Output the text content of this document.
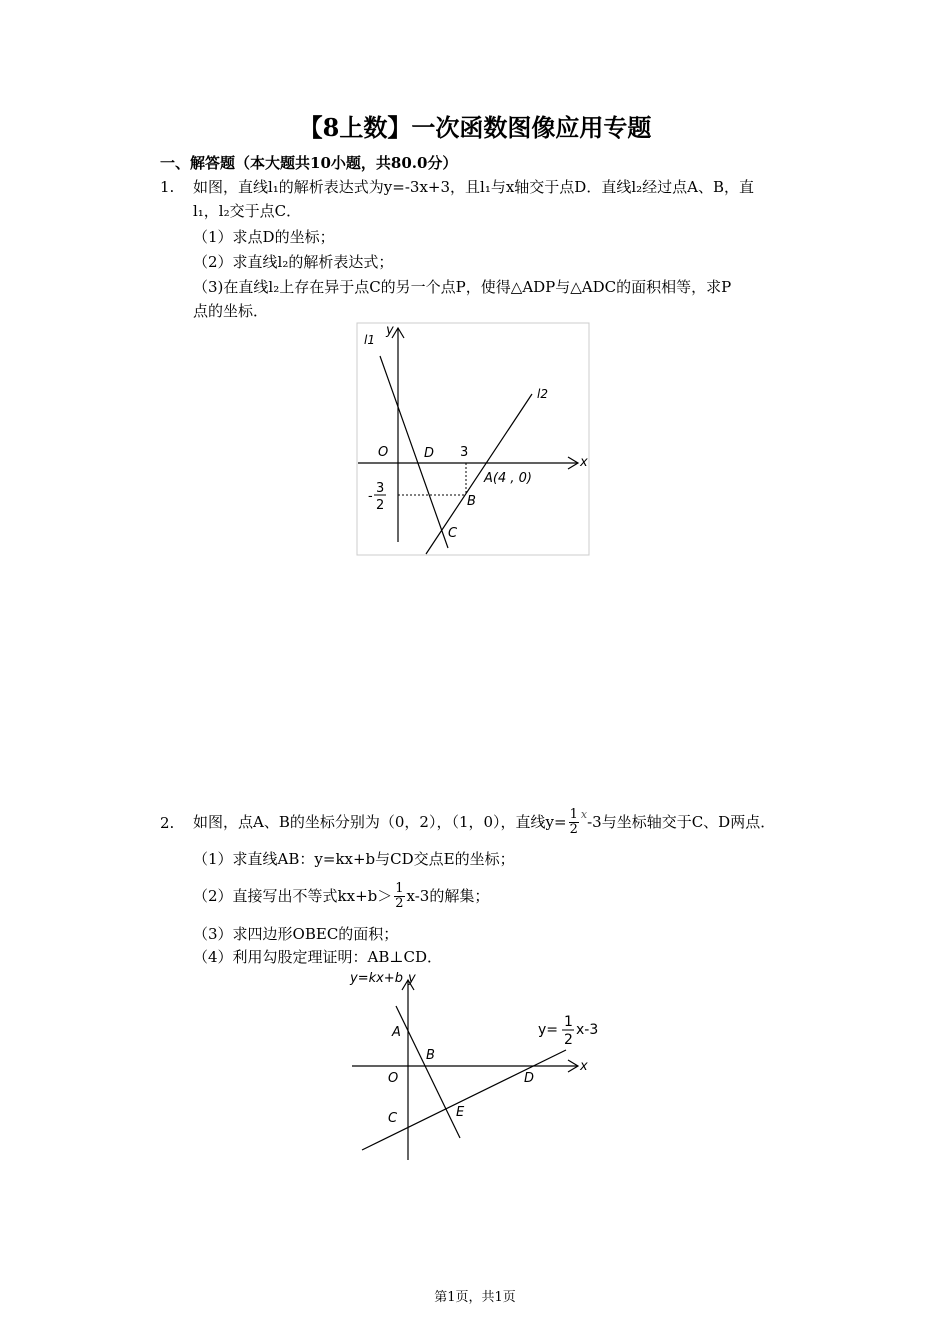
【8上数】一次函数图像应用专题
一、解答题（本大题共10小题，共80.0分）
1. 如图，直线l₁的解析表达式为y=-3x+3，且l₁与x轴交于点D．直线l₂经过点A、B，直
l₁，l₂交于点C．
（1）求点D的坐标；
（2）求直线l₂的解析表达式；
（3)在直线l₂上存在异于点C的另一个点P，使得△ADP与△ADC的面积相等，求P
点的坐标．
l1
l2
y
x
O	D 3
A(4 , 0)
B
C
-
3
2
2. 如图，点A、B的坐标分别为（0，2），（1，0），直线$y= \frac{1}{2}$ x -3与坐标轴交于C、D两点．
（1）求直线AB：y=kx+b与CD交点E的坐标；
（2）直接写出不等式$kx+b> \frac{1}{2} x-3$的解集；
（3）求四边形OBEC的面积；
（4）利用勾股定理证明：AB⊥CD．
y=kx+b y
x
A
B
O	D
C	E
y= 1
2
x-3
第1页，共1页
